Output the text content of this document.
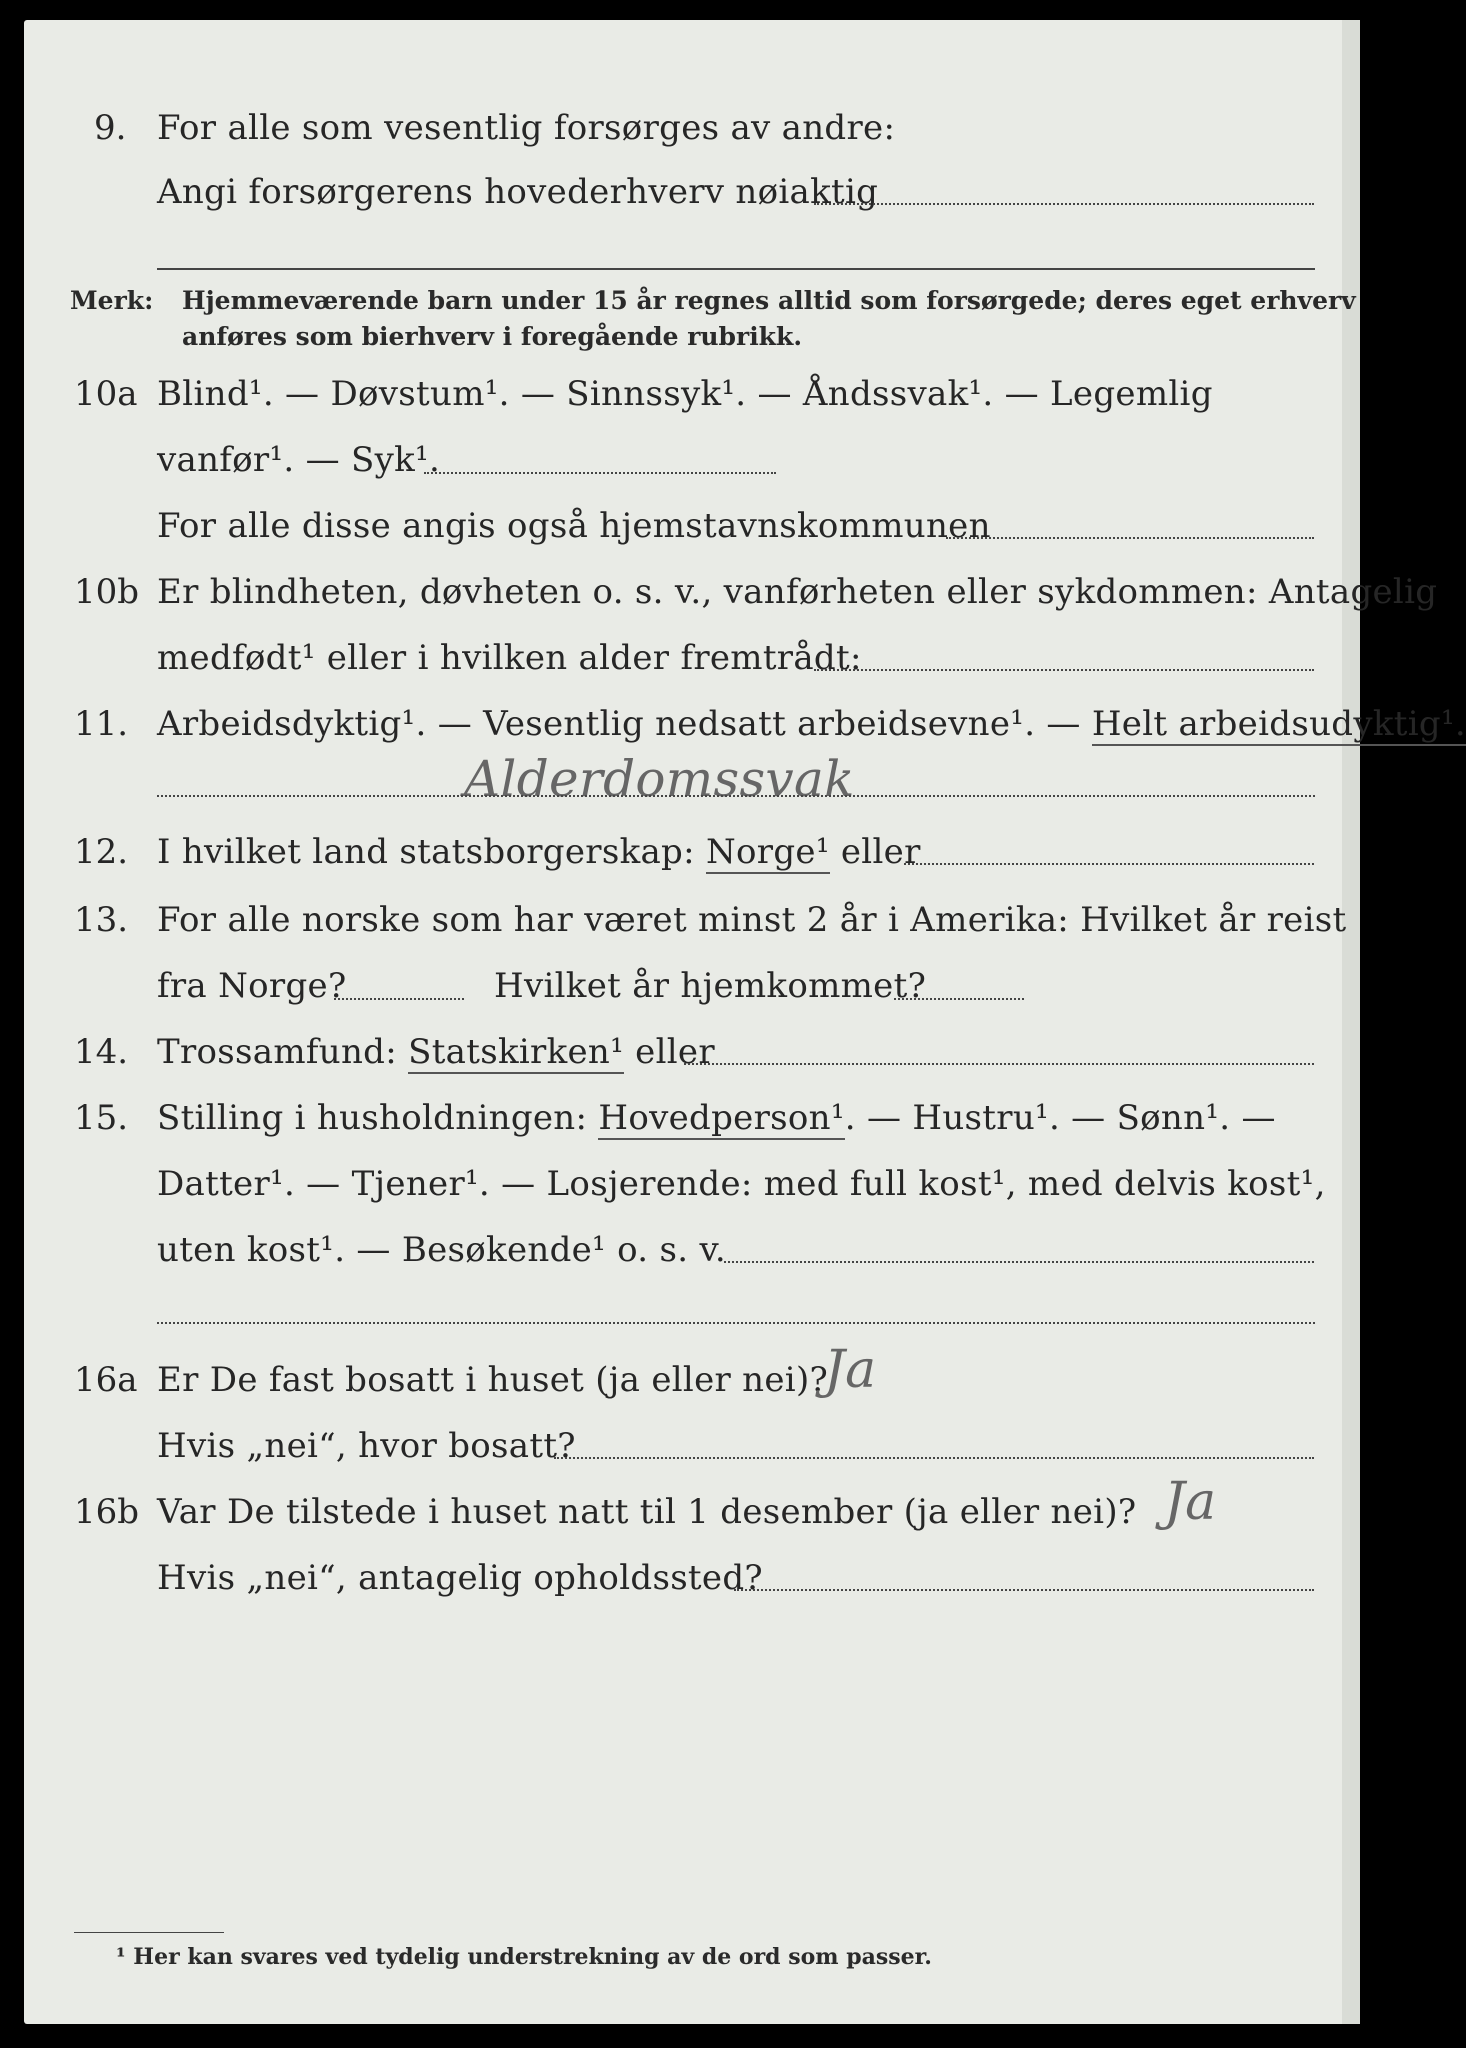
9. For alle som vesentlig forsørges av andre:
Angi forsørgerens hovederhverv nøiaktig
Merk: Hjemmeværende barn under 15 år regnes alltid som forsørgede; deres eget erhverv
anføres som bierhverv i foregående rubrikk.
10a Blind¹. — Døvstum¹. — Sinnssyk¹. — Åndssvak¹. — Legemlig
vanfør¹. — Syk¹.
For alle disse angis også hjemstavnskommunen
10b Er blindheten, døvheten o. s. v., vanførheten eller sykdommen: Antagelig
medfødt¹ eller i hvilken alder fremtrådt:
11. Arbeidsdyktig¹. — Vesentlig nedsatt arbeidsevne¹. — Helt arbeidsudyktig¹.
Alderdomssvak
12. I hvilket land statsborgerskap: Norge¹ eller
13. For alle norske som har været minst 2 år i Amerika: Hvilket år reist
fra Norge?	Hvilket år hjemkommet?
14. Trossamfund: Statskirken¹ eller
15. Stilling i husholdningen: Hovedperson¹. — Hustru¹. — Sønn¹. —
Datter¹. — Tjener¹. — Losjerende: med full kost¹, med delvis kost¹,
uten kost¹. — Besøkende¹ o. s. v.
16a Er De fast bosatt i huset (ja eller nei)?
Ja
Hvis „nei“, hvor bosatt?
16b Var De tilstede i huset natt til 1 desember (ja eller nei)? Ja
Hvis „nei“, antagelig opholdssted?
¹ Her kan svares ved tydelig understrekning av de ord som passer.
